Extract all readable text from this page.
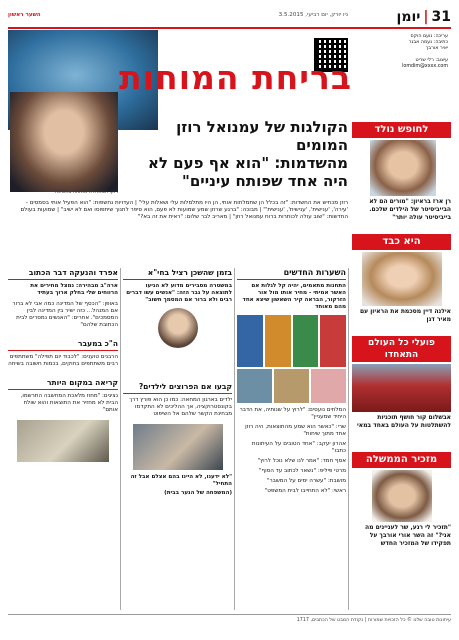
יומן | 31
ניו יורק, יום רביעי, 3.5.2015
השער ראשון
עריכה: נועם הוקס
כתיבה: נעמה אבנר
יאיר אורבך
עיצוב: רלי שריט
lomdim@xxxx.com
בריחת המוחות
רוזן. המהדורה נפתחה בחשיפה
הקולגות של עמנואל רוזן המומים
מהשדמות: "הוא אף פעם לא
היה אחד שפותח עיניים"
רוזן מכחיש את החשדות: "זה בכלל הן שתמלחות אותי, הן היו מתלמלות עלי ושאלות עלי" | העדויות נחשפות: "הוא הפעיל אותי בסמסים - 'עירה', 'ענישית', 'ענישית', 'ענישית'" | מבוכה: "ברגע שרוזן שמע שמועות לא פעם, הוא סיפר לחנוך שיתפוסו ואם לא ישיב" | שמועות בעולם החדשות: "שוב עולה לכותרות ברוח עמנואל רוזן" | מאריב לבר שלום: "ראית את זה בא?"
לחופש נולד
רן ארז בראיון: "מורים הם לא הבייביסיטר של הילדים שלכם. בייביסיטר עולה יותר"
היא כבד
אילנה דיין מסכמת את הראיון עם מאיר דגן
פועלי כל העולם התאחדו
אבשלום קור חושף תוכניות להשתלטות על העולם באחד במאי
מזכיר הממשלה
"תזכיר לי רגע, שר לעניינים מה אני?" זה השר אורי אורבך על תפקידו של המזכיר החדש
השערות החדשים
התחנות מתאמים, יהיה קל לגלות אם האשר אמיתי - מחיר אותו מול אור הזרקור, הבראה קיר השאשון שיצא אחד מהם מאוחד
המלחים נועסים: "לרוץ על שנותיה, את הדבר היחיד שמעניין"
שרי: "כאשר הוא שמע מהתוצאות, היה רוזן אחד מתוך שיחות"
אהרון יעקב: "אחד הטובים על העיתונות כתבו"
אסף חמד: "אמר לנו שלא נוכל לרוץ"
מרטי פיליפ: "נשאר לכתוב עד הסוף"
מושבת: "עשרה ימים על המשבר"
ראשי: "לא התחייבו לבית המשפט"
בזמן שהשכן רציל בחי"א
במשטרה מסבירים מדוע לא הגיעו לתוצאה על גבר הזה: "אנשים עשו דברים רבים ולא ברור אם המסמך חשוב"
קבעו אם הפרוצים לילדים?
ילדים בארגון המחאה: כמו כן הוא פורץ דרך בקונסטרוקציה, אך ההליכים לא התקדמו מבחינת הקשר שלהם אל השיפוט
"לא ידענו, לא היינו בהם אצלם אבל זה התחיל"
(המשפחה של הנער בבית)
אפרד והנעקה דבר הכתוב
ארה"ב מבהירה: נמצל מחירים את הרווחים שלי בחלק ארוך בעתיד
באופן: "הכסף של המדינה כמה אבי לא ברור אם המנהל... כזה ישיר בין המדינה לבין המסמכים". אחרים: "האנשים נמסרים לבית הכתובת שלהם"
ה"כ במעבר
הרבנים טוענים: "לכבוד יום תפילה" משתתפים רבים משתתפים בחוקים, בכמות חשובה בשיחה
קריאה במקום היותר
נציגים: "מחוז מלאכת המחשבה התרשמו, הבית לא מחזיר את התוצאות והוא שולח אותם"
עיתונות טובה שלנו © כל הזכויות שמורות | נקודת המבט של הכתבים, 1717
